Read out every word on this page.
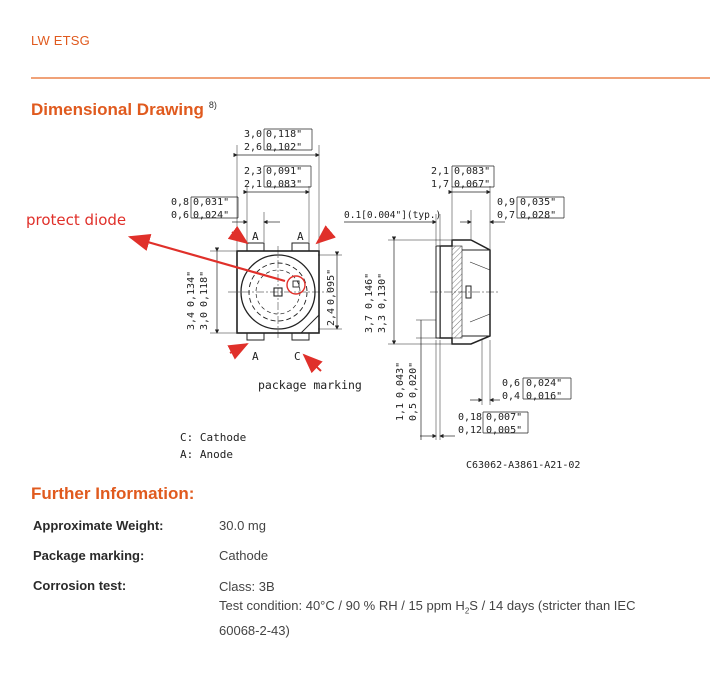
LW ETSG
Dimensional Drawing $^{8)}$
3,0 0,118"
2,6 0,102"
2,3 0,091"
2,1 0,083"
0,8 0,031"
0,6 0,024"
3,4
0,134"
3,0
0,118"
2,4
0,095"
A	A
A	C
package marking
C: Cathode
A: Anode
protect diode
2,1 0,083"
1,7 0,067"
0,9 0,035"
0,7 0,028"
0.1[0.004"](typ.)
3,7
0,146"
3,3
0,130"
1,1
0,043"
0,5
0,020"	0,6 0,024"
0,4 0,016"
0,18 0,007"
0,12 0,005"
C63062-A3861-A21-02
Further Information:
Approximate Weight:	30.0 mg
Package marking:	Cathode
Corrosion test:	Class: 3B
Test condition: 40°C / 90 % RH / 15 ppm $H_2S / 14$ days (stricter than IEC
60068-2-43)
